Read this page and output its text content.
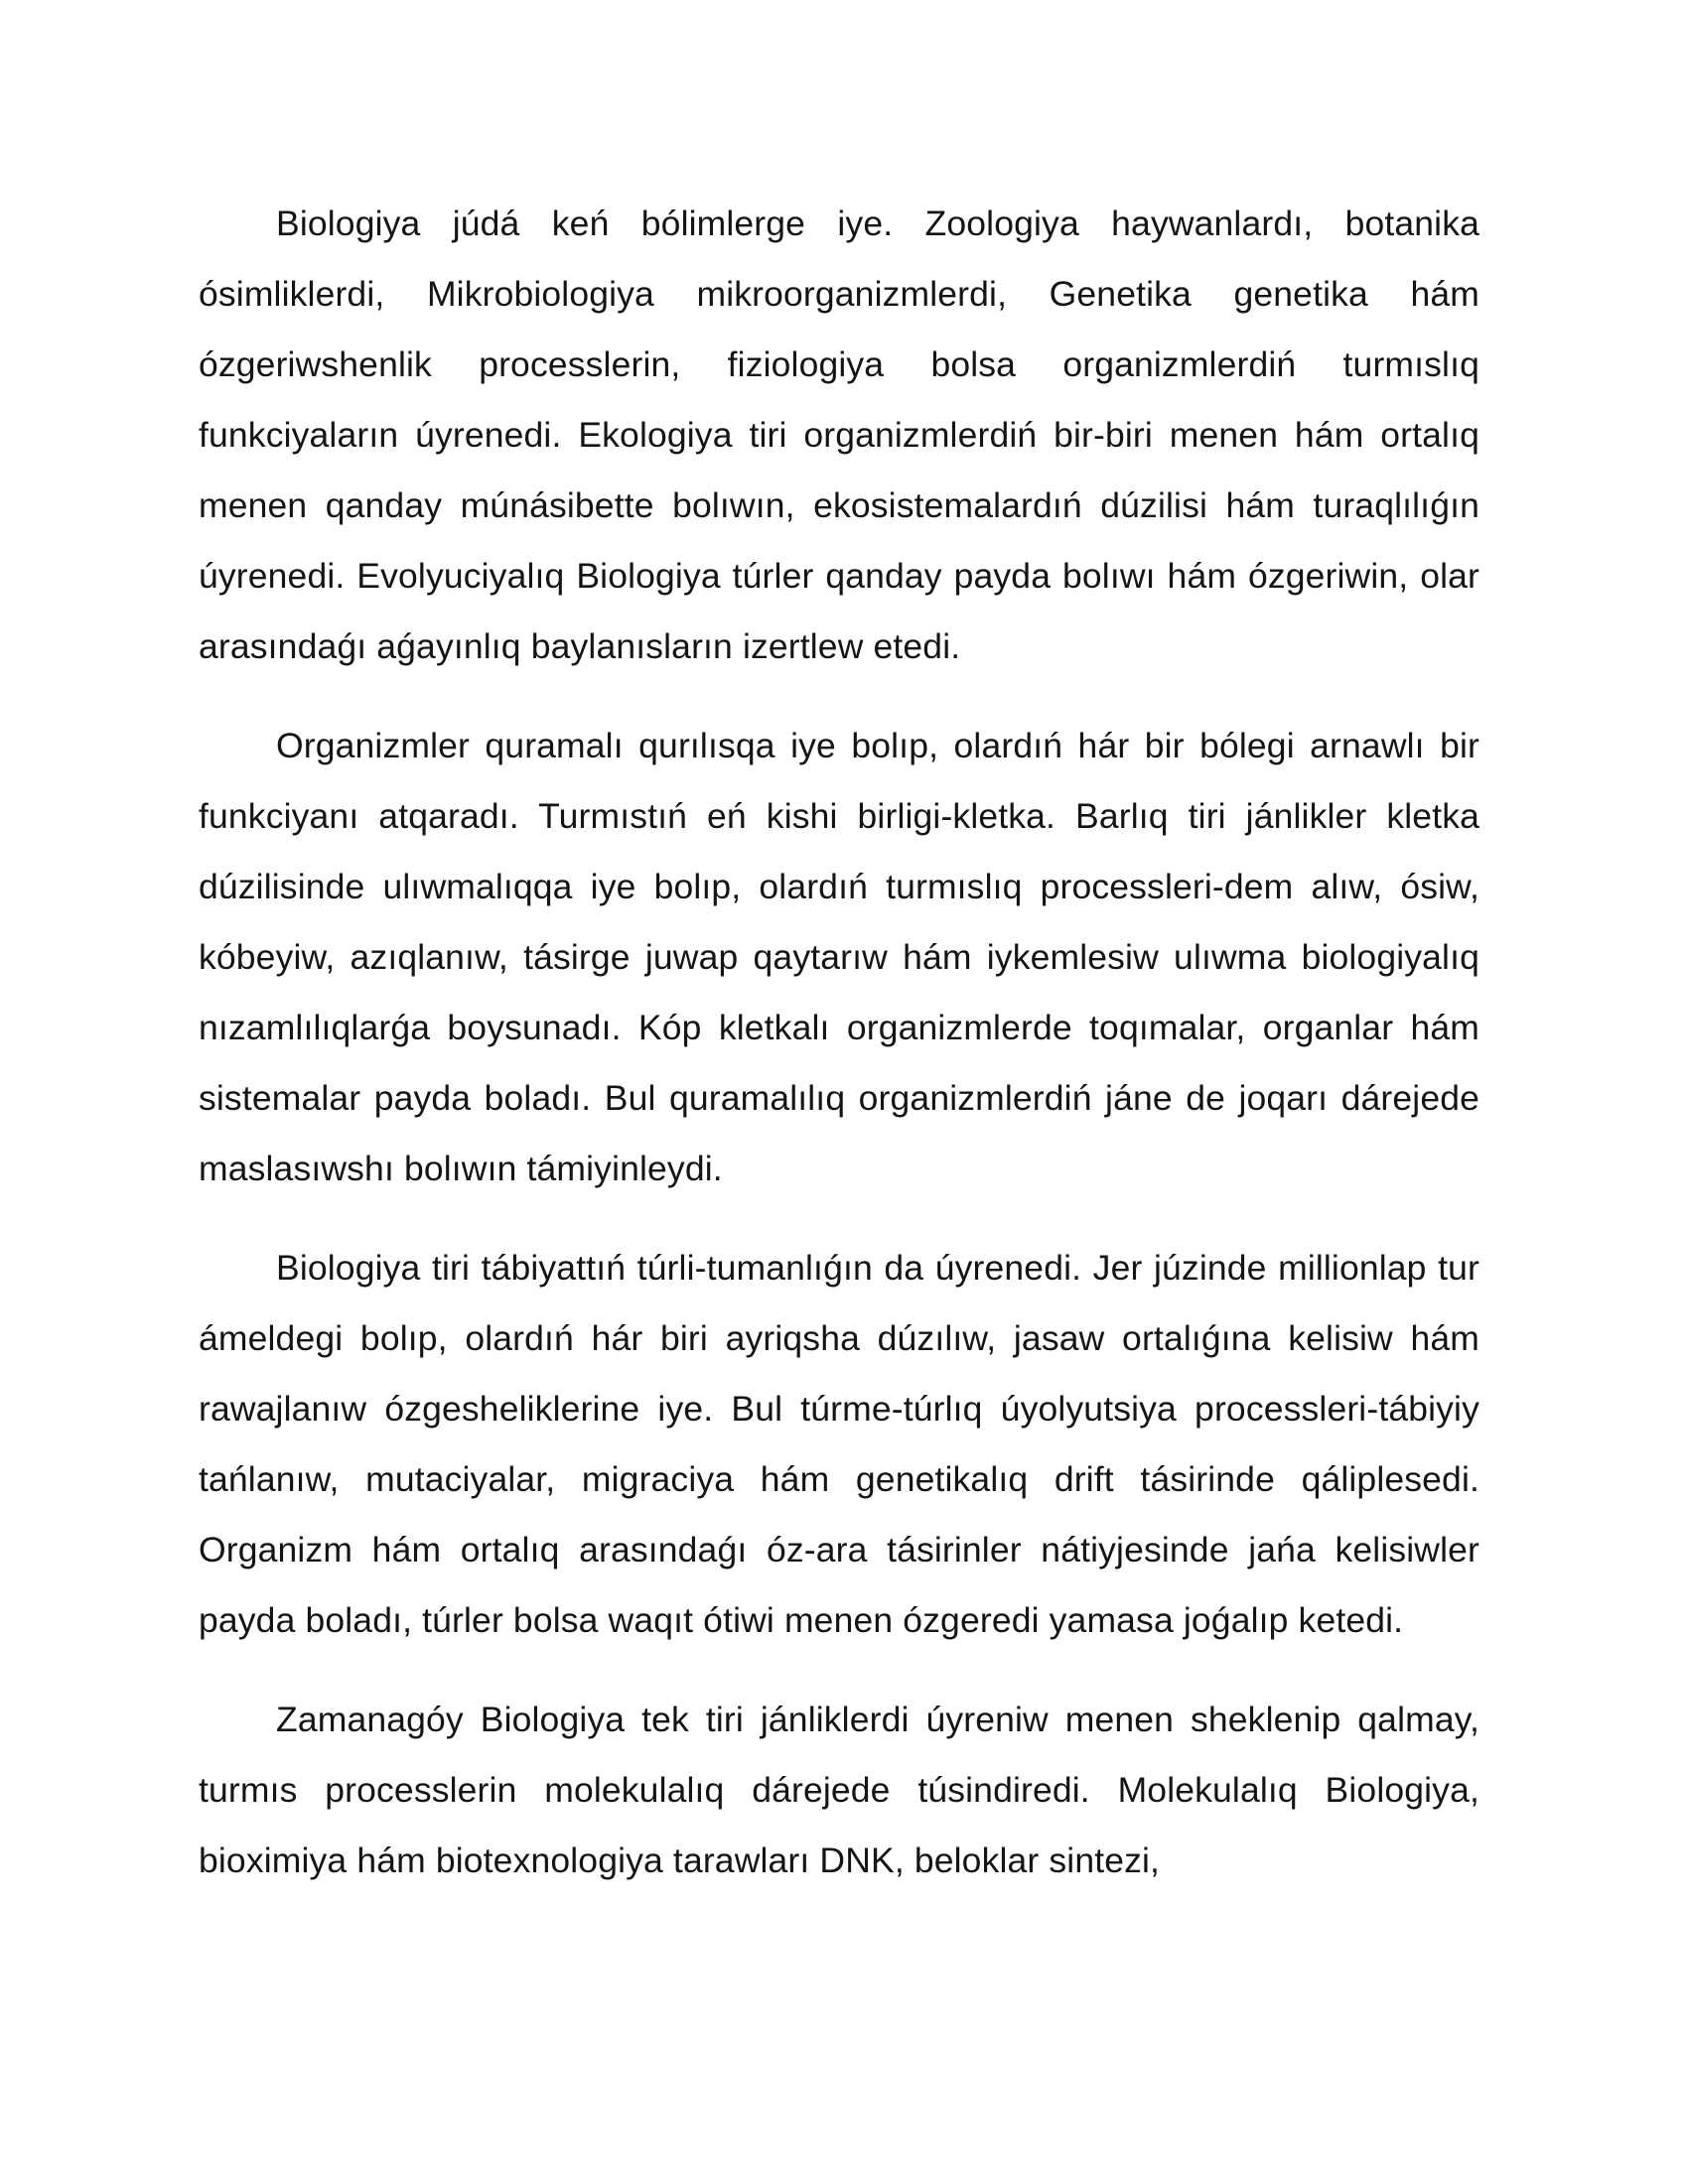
Biologiya júdá keń bólimlerge iye. Zoologiya haywanlardı, botanika ósimliklerdi, Mikrobiologiya mikroorganizmlerdi, Genetika genetika hám ózgeriwshenlik processlerin, fiziologiya bolsa organizmlerdiń turmıslıq funkciyaların úyrenedi. Ekologiya tiri organizmlerdiń bir-biri menen hám ortalıq menen qanday múnásibette bolıwın, ekosistemalardıń dúzilisi hám turaqlılıǵın úyrenedi. Evolyuciyalıq Biologiya túrler qanday payda bolıwı hám ózgeriwin, olar arasındaǵı aǵayınlıq baylanısların izertlew etedi.

Organizmler quramalı qurılısqa iye bolıp, olardıń hár bir bólegi arnawlı bir funkciyanı atqaradı. Turmıstıń eń kishi birligi-kletka. Barlıq tiri jánlikler kletka dúzilisinde ulıwmalıqqa iye bolıp, olardıń turmıslıq processleri-dem alıw, ósiw, kóbeyiw, azıqlanıw, tásirge juwap qaytarıw hám iykemlesiw ulıwma biologiyalıq nızamlılıqlarǵa boysunadı. Kóp kletkalı organizmlerde toqımalar, organlar hám sistemalar payda boladı. Bul quramalılıq organizmlerdiń jáne de joqarı dárejede maslasıwshı bolıwın támiyinleydi.

Biologiya tiri tábiyattıń túrli-tumanlıǵın da úyrenedi. Jer júzinde millionlap tur ámeldegi bolıp, olardıń hár biri ayriqsha dúzılıw, jasaw ortalıǵına kelisiw hám rawajlanıw ózgesheliklerine iye. Bul túrme-túrlıq úyolyutsiya processleri-tábiyiy tańlanıw, mutaciyalar, migraciya hám genetikalıq drift tásirinde qáliplesedi. Organizm hám ortalıq arasındaǵı óz-ara tásirinler nátiyjesinde jańa kelisiwler payda boladı, túrler bolsa waqıt ótiwi menen ózgeredi yamasa joǵalıp ketedi.

Zamanagóy Biologiya tek tiri jánliklerdi úyreniw menen sheklenip qalmay, turmıs processlerin molekulalıq dárejede túsindiredi. Molekulalıq Biologiya, bioximiya hám biotexnologiya tarawları DNK, beloklar sintezi,
